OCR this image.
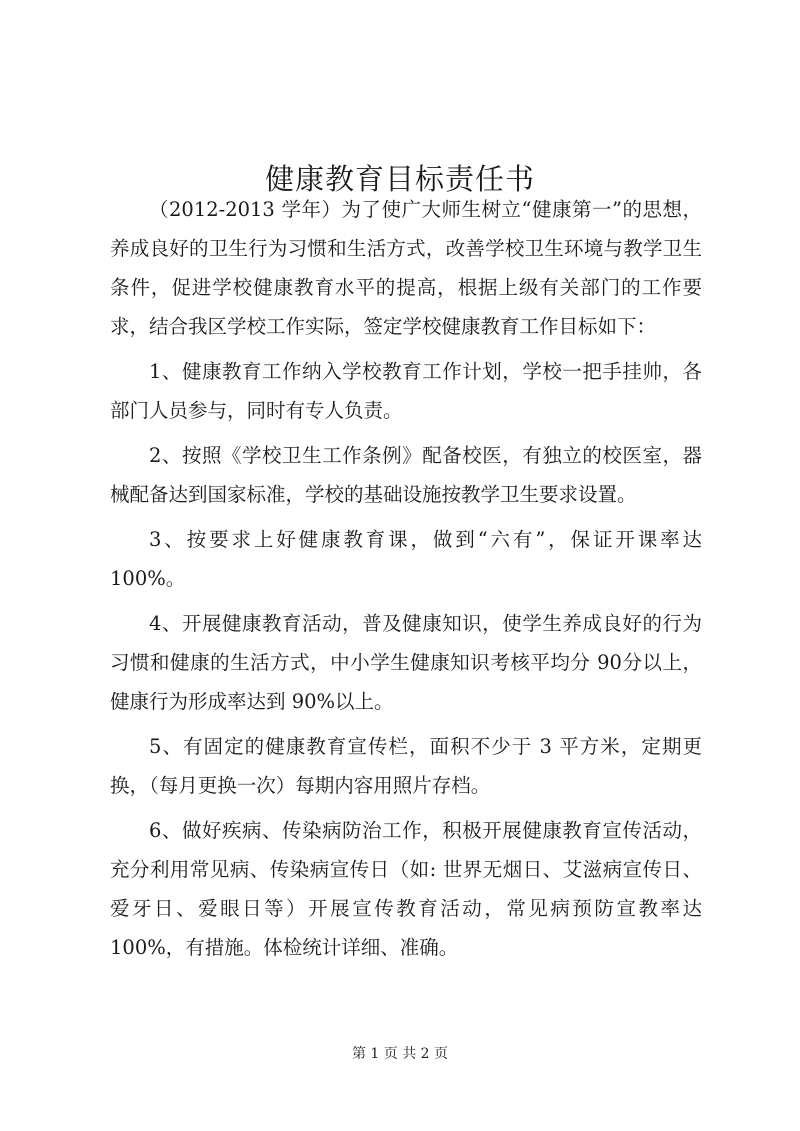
健康教育目标责任书

（2012-2013 学年）为了使广大师生树立“健康第一”的思想，养成良好的卫生行为习惯和生活方式，改善学校卫生环境与教学卫生条件，促进学校健康教育水平的提高，根据上级有关部门的工作要求，结合我区学校工作实际，签定学校健康教育工作目标如下：

1、健康教育工作纳入学校教育工作计划，学校一把手挂帅，各部门人员参与，同时有专人负责。

2、按照《学校卫生工作条例》配备校医，有独立的校医室，器械配备达到国家标准，学校的基础设施按教学卫生要求设置。

3、按要求上好健康教育课，做到“六有”，保证开课率达100%。

4、开展健康教育活动，普及健康知识，使学生养成良好的行为习惯和健康的生活方式，中小学生健康知识考核平均分 90分以上，健康行为形成率达到 90%以上。

5、有固定的健康教育宣传栏，面积不少于 3 平方米，定期更换，（每月更换一次）每期内容用照片存档。

6、做好疾病、传染病防治工作，积极开展健康教育宣传活动，充分利用常见病、传染病宣传日（如: 世界无烟日、艾滋病宣传日、爱牙日、爱眼日等）开展宣传教育活动，常见病预防宣教率达 100%，有措施。体检统计详细、准确。

第 1 页 共 2 页
